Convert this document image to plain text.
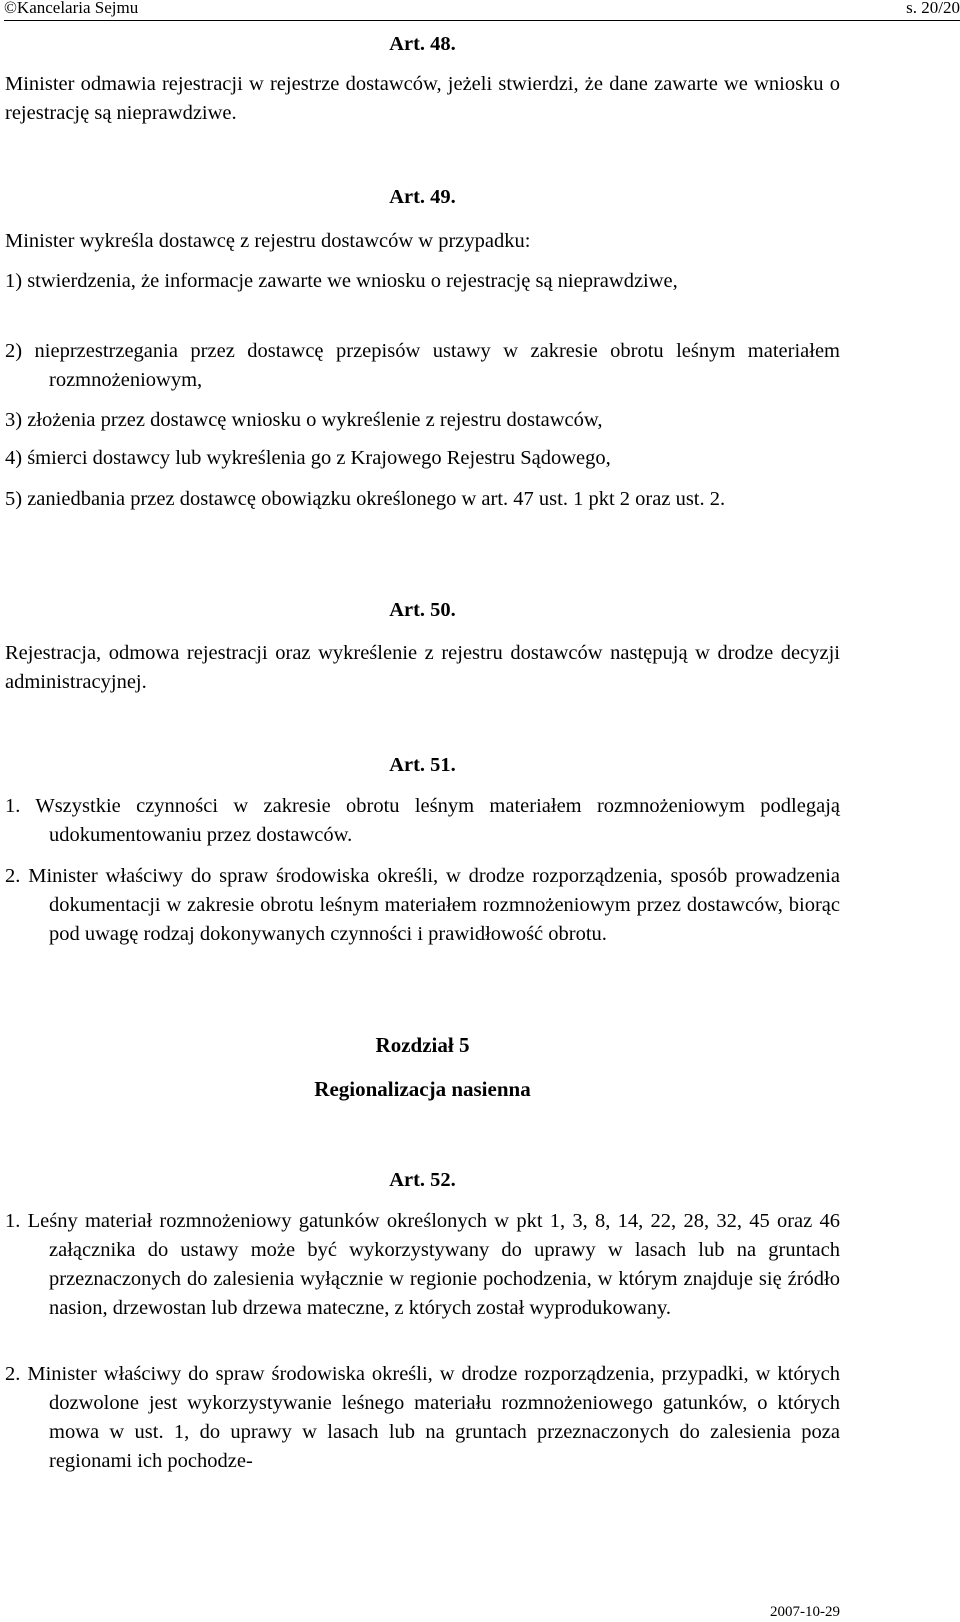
©Kancelaria Sejmu	s. 20/20
Art. 48.
Minister odmawia rejestracji w rejestrze dostawców, jeżeli stwierdzi, że dane zawarte we wniosku o rejestrację są nieprawdziwe.
Art. 49.
Minister wykreśla dostawcę z rejestru dostawców w przypadku:
1) stwierdzenia, że informacje zawarte we wniosku o rejestrację są nieprawdziwe,
2) nieprzestrzegania przez dostawcę przepisów ustawy w zakresie obrotu leśnym materiałem rozmnożeniowym,
3) złożenia przez dostawcę wniosku o wykreślenie z rejestru dostawców,
4) śmierci dostawcy lub wykreślenia go z Krajowego Rejestru Sądowego,
5) zaniedbania przez dostawcę obowiązku określonego w art. 47 ust. 1 pkt 2 oraz ust. 2.
Art. 50.
Rejestracja, odmowa rejestracji oraz wykreślenie z rejestru dostawców następują w drodze decyzji administracyjnej.
Art. 51.
1. Wszystkie czynności w zakresie obrotu leśnym materiałem rozmnożeniowym podlegają udokumentowaniu przez dostawców.
2. Minister właściwy do spraw środowiska określi, w drodze rozporządzenia, sposób prowadzenia dokumentacji w zakresie obrotu leśnym materiałem rozmnożeniowym przez dostawców, biorąc pod uwagę rodzaj dokonywanych czynności i prawidłowość obrotu.
Rozdział 5
Regionalizacja nasienna
Art. 52.
1. Leśny materiał rozmnożeniowy gatunków określonych w pkt 1, 3, 8, 14, 22, 28, 32, 45 oraz 46 załącznika do ustawy może być wykorzystywany do uprawy w lasach lub na gruntach przeznaczonych do zalesienia wyłącznie w regionie pochodzenia, w którym znajduje się źródło nasion, drzewostan lub drzewa mateczne, z których został wyprodukowany.
2. Minister właściwy do spraw środowiska określi, w drodze rozporządzenia, przypadki, w których dozwolone jest wykorzystywanie leśnego materiału rozmnożeniowego gatunków, o których mowa w ust. 1, do uprawy w lasach lub na gruntach przeznaczonych do zalesienia poza regionami ich pochodze-
2007-10-29
